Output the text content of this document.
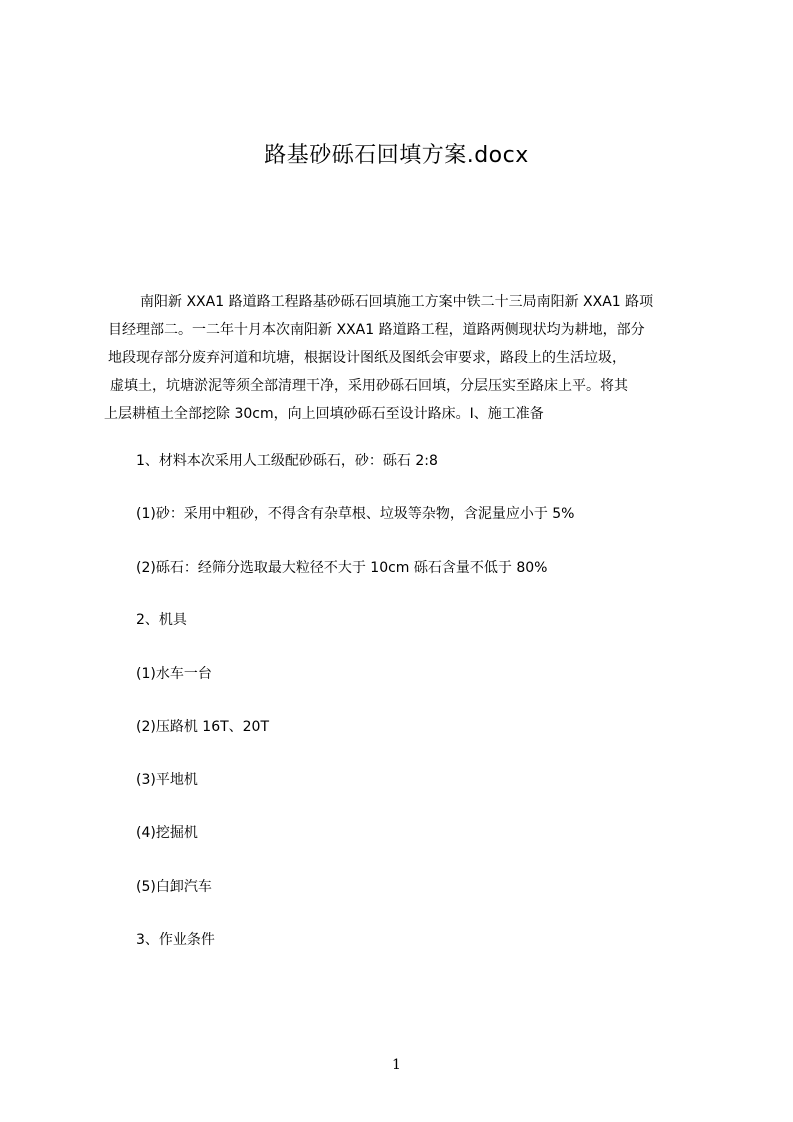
路基砂砾石回填方案.docx
南阳新 XXA1 路道路工程路基砂砾石回填施工方案中铁二十三局南阳新 XXA1 路项
目经理部二。一二年十月本次南阳新 XXA1 路道路工程，道路两侧现状均为耕地，部分
地段现存部分废弃河道和坑塘，根据设计图纸及图纸会审要求，路段上的生活垃圾，
虚填土，坑塘淤泥等须全部清理干净，采用砂砾石回填，分层压实至路床上平。将其
上层耕植土全部挖除 30cm，向上回填砂砾石至设计路床。I、施工准备
1、材料本次采用人工级配砂砾石，砂：砾石 2:8
(1)砂：采用中粗砂，不得含有杂草根、垃圾等杂物，含泥量应小于 5%
(2)砾石：经筛分选取最大粒径不大于 10cm 砾石含量不低于 80%
2、机具
(1)水车一台
(2)压路机 16T、20T
(3)平地机
(4)挖掘机
(5)白卸汽车
3、作业条件
1
